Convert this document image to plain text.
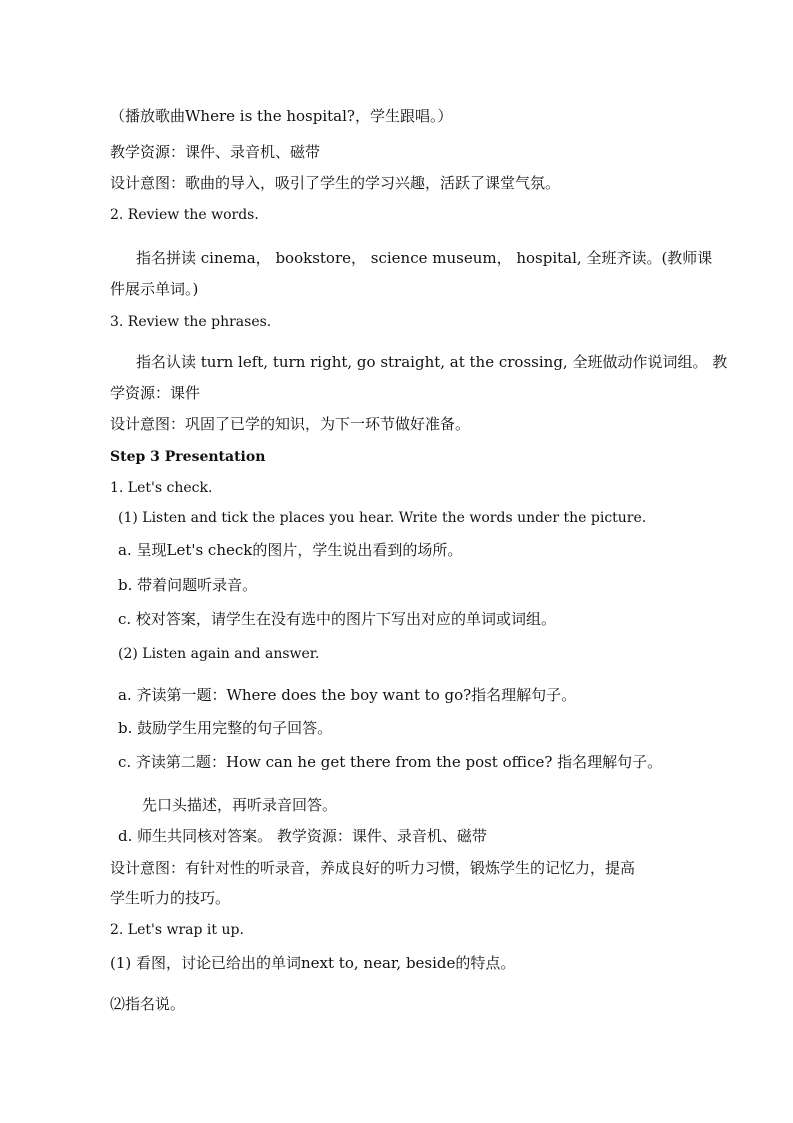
（播放歌曲Where is the hospital?，学生跟唱。）
教学资源：课件、录音机、磁带
设计意图：歌曲的导入，吸引了学生的学习兴趣，活跃了课堂气氛。
2. Review the words.
指名拼读 cinema， bookstore， science museum， hospital, 全班齐读。(教师课
件展示单词。)
3. Review the phrases.
指名认读 turn left, turn right, go straight, at the crossing, 全班做动作说词组。 教
学资源：课件
设计意图：巩固了已学的知识，为下一环节做好准备。
Step 3 Presentation
1. Let's check.
(1) Listen and tick the places you hear. Write the words under the picture.
a. 呈现Let's check的图片，学生说出看到的场所。
b. 带着问题听录音。
c. 校对答案，请学生在没有选中的图片下写出对应的单词或词组。
(2) Listen again and answer.
a. 齐读第一题：Where does the boy want to go?指名理解句子。
b. 鼓励学生用完整的句子回答。
c. 齐读第二题：How can he get there from the post office? 指名理解句子。
先口头描述，再听录音回答。
d. 师生共同核对答案。 教学资源：课件、录音机、磁带
设计意图：有针对性的听录音，养成良好的听力习惯，锻炼学生的记忆力，提高
学生听力的技巧。
2. Let's wrap it up.
(1) 看图，讨论已给出的单词next to, near, beside的特点。
⑵指名说。
